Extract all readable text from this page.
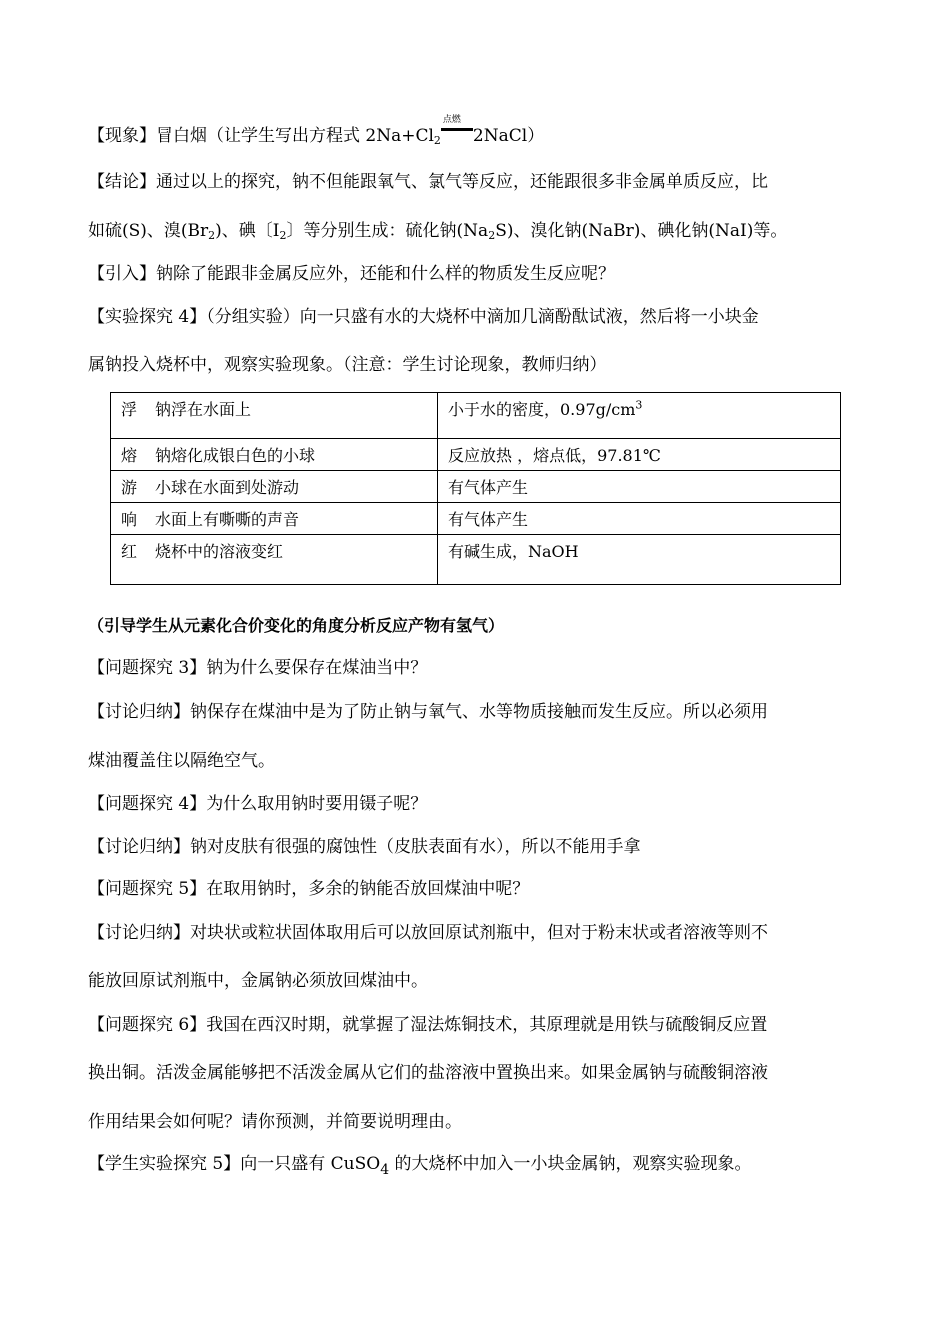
【现象】冒白烟（让学生写出方程式 2Na+Cl2
点燃
2NaCl）
【结论】通过以上的探究，钠不但能跟氧气、氯气等反应，还能跟很多非金属单质反应，比
如硫(S)、溴(Br2)、碘〔I2〕等分别生成：硫化钠(Na2S)、溴化钠(NaBr)、碘化钠(NaI)等。
【引入】钠除了能跟非金属反应外，还能和什么样的物质发生反应呢？
【实验探究 4】（分组实验）向一只盛有水的大烧杯中滴加几滴酚酞试液，然后将一小块金
属钠投入烧杯中，观察实验现象。（注意：学生讨论现象，教师归纳）
浮 钠浮在水面上	小于水的密度，$0.97g/cm^3$
熔 钠熔化成银白色的小球	反应放热 ，熔点低，97.81℃
游 小球在水面到处游动	有气体产生
响 水面上有嘶嘶的声音	有气体产生
红 烧杯中的溶液变红	有碱生成，NaOH
（引导学生从元素化合价变化的角度分析反应产物有氢气）
【问题探究 3】钠为什么要保存在煤油当中？
【讨论归纳】钠保存在煤油中是为了防止钠与氧气、水等物质接触而发生反应。所以必须用
煤油覆盖住以隔绝空气。
【问题探究 4】为什么取用钠时要用镊子呢？
【讨论归纳】钠对皮肤有很强的腐蚀性（皮肤表面有水），所以不能用手拿
【问题探究 5】在取用钠时，多余的钠能否放回煤油中呢？
【讨论归纳】对块状或粒状固体取用后可以放回原试剂瓶中，但对于粉末状或者溶液等则不
能放回原试剂瓶中，金属钠必须放回煤油中。
【问题探究 6】我国在西汉时期，就掌握了湿法炼铜技术，其原理就是用铁与硫酸铜反应置
换出铜。活泼金属能够把不活泼金属从它们的盐溶液中置换出来。如果金属钠与硫酸铜溶液
作用结果会如何呢？请你预测，并简要说明理由。
【学生实验探究 5】向一只盛有 CuSO$_4$ 的大烧杯中加入一小块金属钠，观察实验现象。
